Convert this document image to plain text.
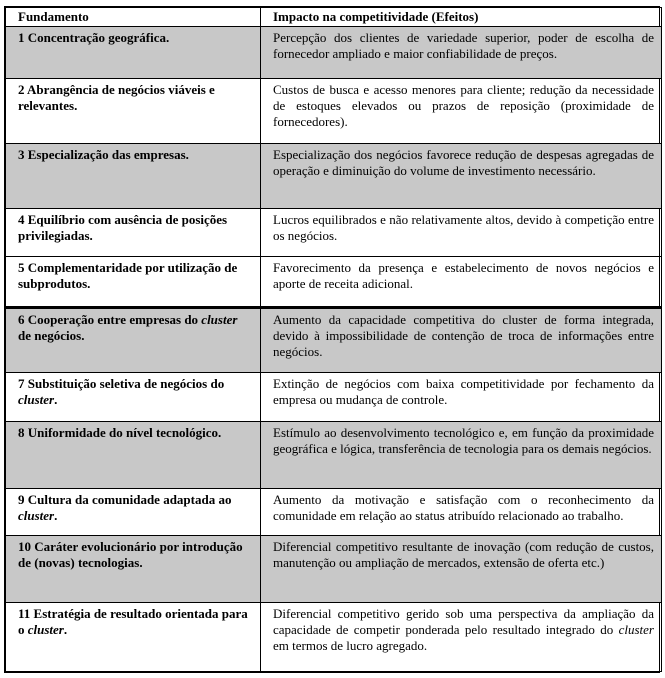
Fundamento	Impacto na competitividade (Efeitos)
1 Concentração geográfica.	Percepção dos clientes de variedade superior, poder de escolha de fornecedor ampliado e maior confiabilidade de preços.
2 Abrangência de negócios viáveis e relevantes.	Custos de busca e acesso menores para cliente; redução da necessidade de estoques elevados ou prazos de reposição (proximidade de fornecedores).
3 Especialização das empresas.	Especialização dos negócios favorece redução de despesas agregadas de operação e diminuição do volume de investimento necessário.
4 Equilíbrio com ausência de posições privilegiadas.	Lucros equilibrados e não relativamente altos, devido à competição entre os negócios.
5 Complementaridade por utilização de subprodutos.	Favorecimento da presença e estabelecimento de novos negócios e aporte de receita adicional.
6 Cooperação entre empresas do cluster de negócios.	Aumento da capacidade competitiva do cluster de forma integrada, devido à impossibilidade de contenção de troca de informações entre negócios.
7 Substituição seletiva de negócios do cluster.	Extinção de negócios com baixa competitividade por fechamento da empresa ou mudança de controle.
8 Uniformidade do nível tecnológico.	Estímulo ao desenvolvimento tecnológico e, em função da proximidade geográfica e lógica, transferência de tecnologia para os demais negócios.
9 Cultura da comunidade adaptada ao cluster.	Aumento da motivação e satisfação com o reconhecimento da comunidade em relação ao status atribuído relacionado ao trabalho.
10 Caráter evolucionário por introdução de (novas) tecnologias.	Diferencial competitivo resultante de inovação (com redução de custos, manutenção ou ampliação de mercados, extensão de oferta etc.)
11 Estratégia de resultado orientada para o cluster.	Diferencial competitivo gerido sob uma perspectiva da ampliação da capacidade de competir ponderada pelo resultado integrado do cluster em termos de lucro agregado.
